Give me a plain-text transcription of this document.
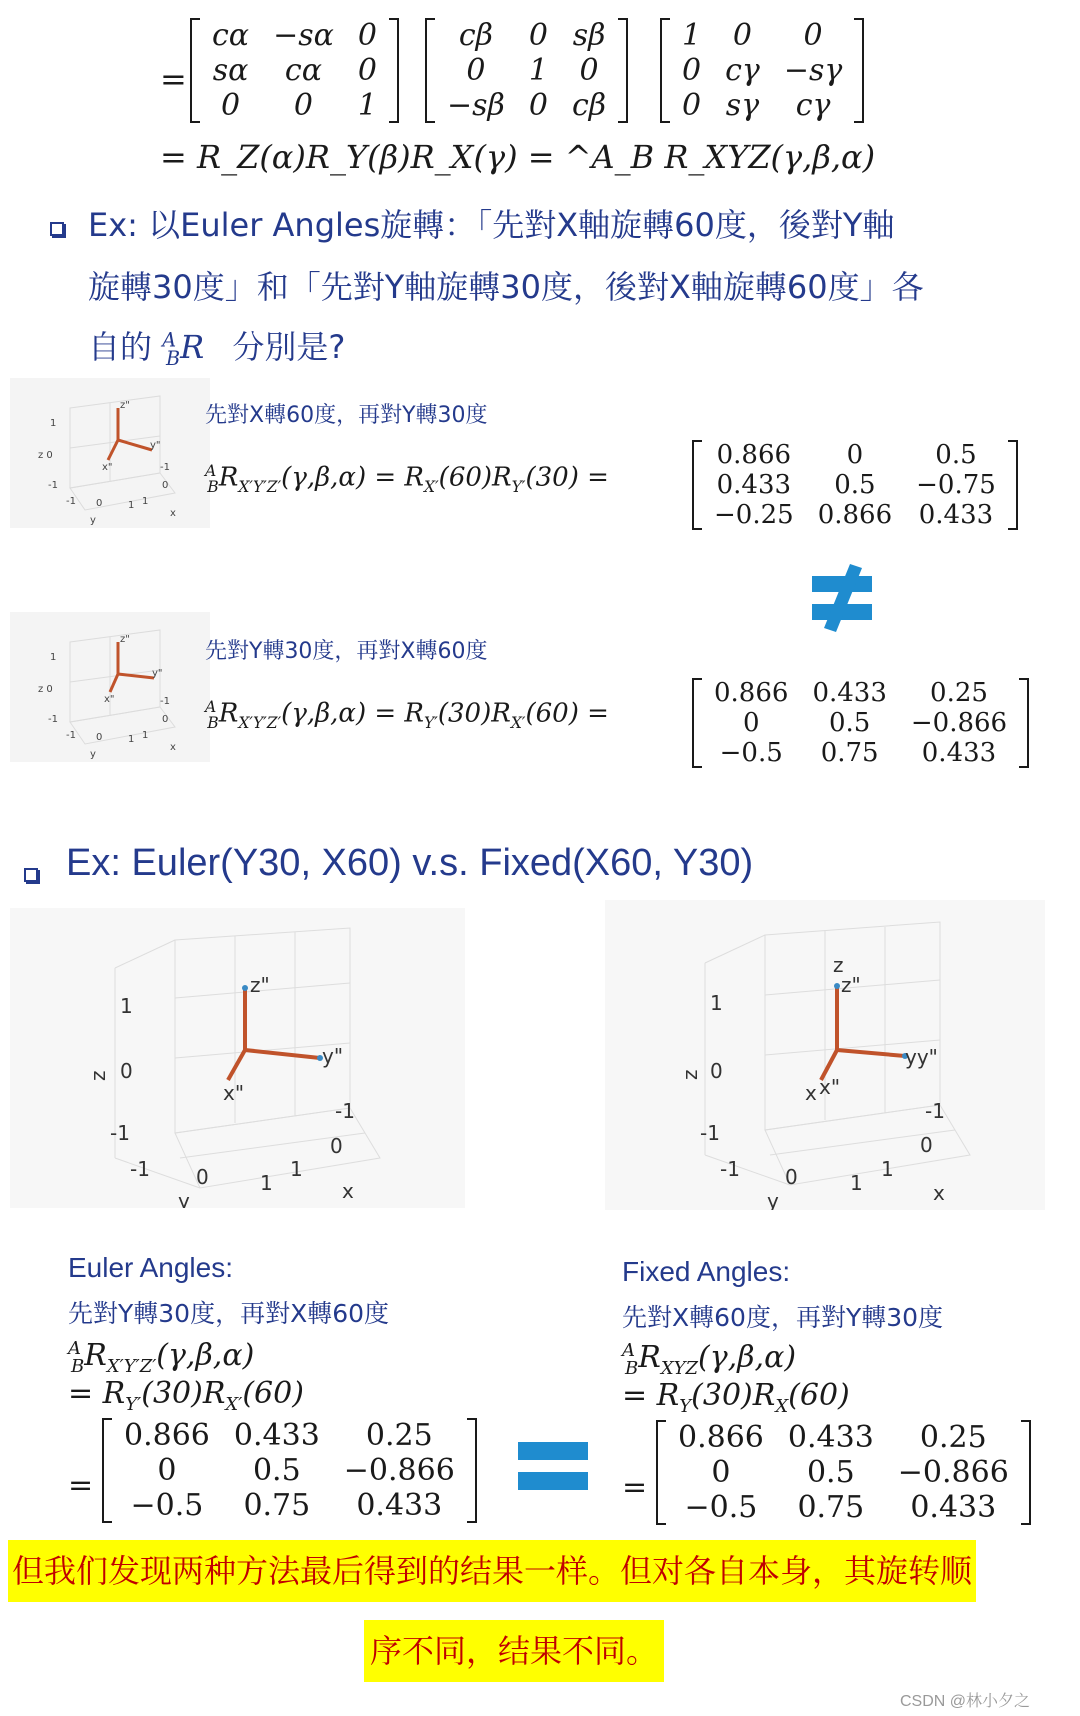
=
cα	−sα	0
sα	cα	0
0	0	1
cβ	0	sβ
0	1	0
−sβ	0	cβ
1	0	0
0	cγ	−sγ
0	sγ	cγ
= R_Z(α)R_Y(β)R_X(γ) = ^A_B R_XYZ(γ,β,α)
Ex: 以Euler Angles旋轉：「先對X軸旋轉60度，後對Y軸
旋轉30度」和「先對Y軸旋轉30度，後對X軸旋轉60度」各
自的 $^A_B$R 分別是?
z"
y"
x"
z 0
1
-1
-1 0	1 1
-1
0
y
x
先對X轉60度，再對Y轉30度
$^A_BR_{X'Y'Z'}(\gamma,\beta,\alpha) = R_{X'}(60)R_{Y'}(30)$ =
0.866	0	0.5
0.433	0.5	−0.75
−0.25	0.866	0.433
z"
y"
x"
z 0
1
-1
-1 0	1 1
-1
0
y
x
先對Y轉30度，再對X轉60度
$^A_BR_{X'Y'Z'}(\gamma,\beta,\alpha) = R_{Y'}(30)R_{X'}(60)$ =
0.866	0.433	0.25
0	0.5	−0.866
−0.5	0.75	0.433
Ex: Euler(Y30, X60) v.s. Fixed(X60, Y30)
z"
y"
x"
1
z 0
-1
-1 0	1
1
0
-1
y	x
z
z"
yy"
x x"
1
z 0
-1
-1 0	1
1
0
-1
y	x
Euler Angles:
先對Y轉30度，再對X轉60度
$^A_BR_{X'Y'Z'}(\gamma,\beta,\alpha)$
= $R_{Y'}(30)R_{X'}(60)$
=
0.866	0.433	0.25
0	0.5	−0.866
−0.5	0.75	0.433
Fixed Angles:
先對X轉60度，再對Y轉30度
$^A_BR_{XYZ}(\gamma,\beta,\alpha)$
= $R_Y(30)R_X(60)$
=
0.866	0.433	0.25
0	0.5	−0.866
−0.5	0.75	0.433
但我们发现两种方法最后得到的结果一样。但对各自本身，其旋转顺
序不同，结果不同。
CSDN @林小夕之
